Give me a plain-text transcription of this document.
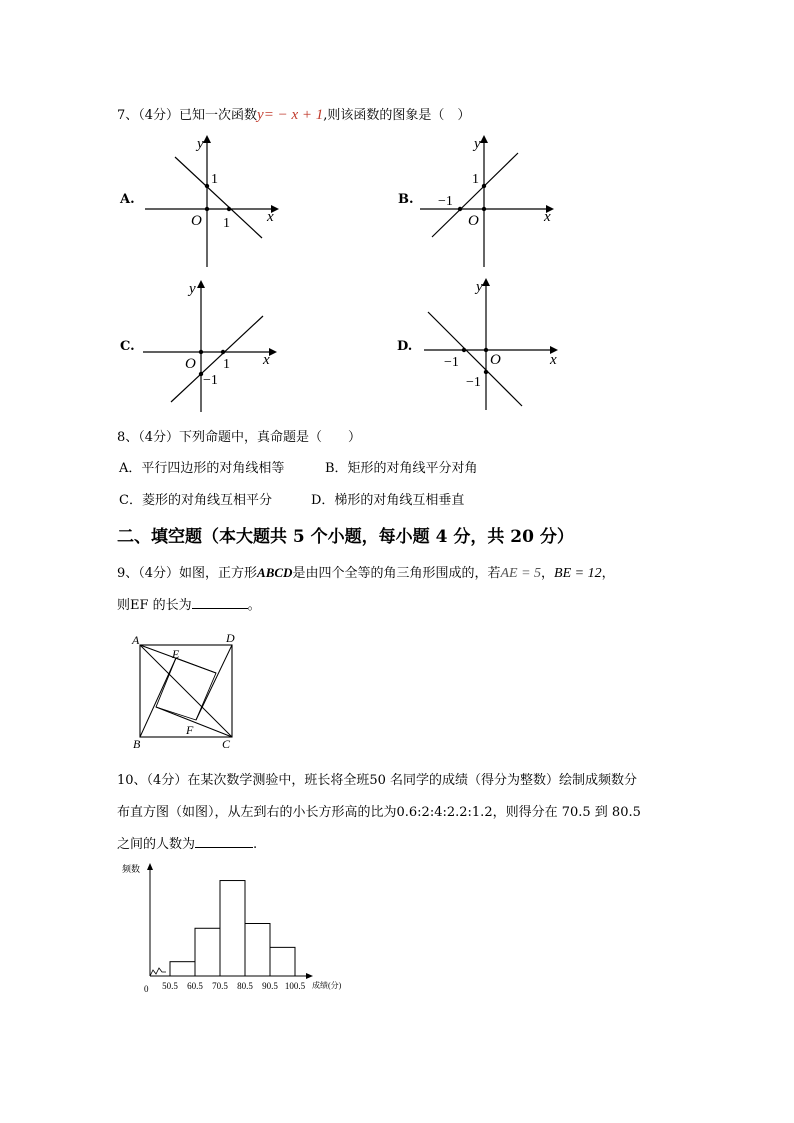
7、（4分）已知一次函数y= − x + 1,则该函数的图象是（　）
A.
y
x
O
1
1
B.
y
x
O
1
−1
C.
y
x
O 1
−1
D.
y
x
O
−1
−1
8、（4分）下列命题中，真命题是（　　）
A．平行四边形的对角线相等	B．矩形的对角线平分对角
C．菱形的对角线互相平分	D．梯形的对角线互相垂直
二、填空题（本大题共 5 个小题，每小题 4 分，共 20 分）
9、（4分）如图，正方形ABCD是由四个全等的角三角形围成的，若AE = 5，BE = 12，
则EF 的长为	。
A	D
E
F
B	C
10、（4分）在某次数学测验中，班长将全班50 名同学的成绩（得分为整数）绘制成频数分
布直方图（如图），从左到右的小长方形高的比为0.6:2:4:2.2:1.2，则得分在 70.5 到 80.5
之间的人数为	.
50.5 60.5 70.5 80.5 90.5 100.5
频数
成绩(分)
0
